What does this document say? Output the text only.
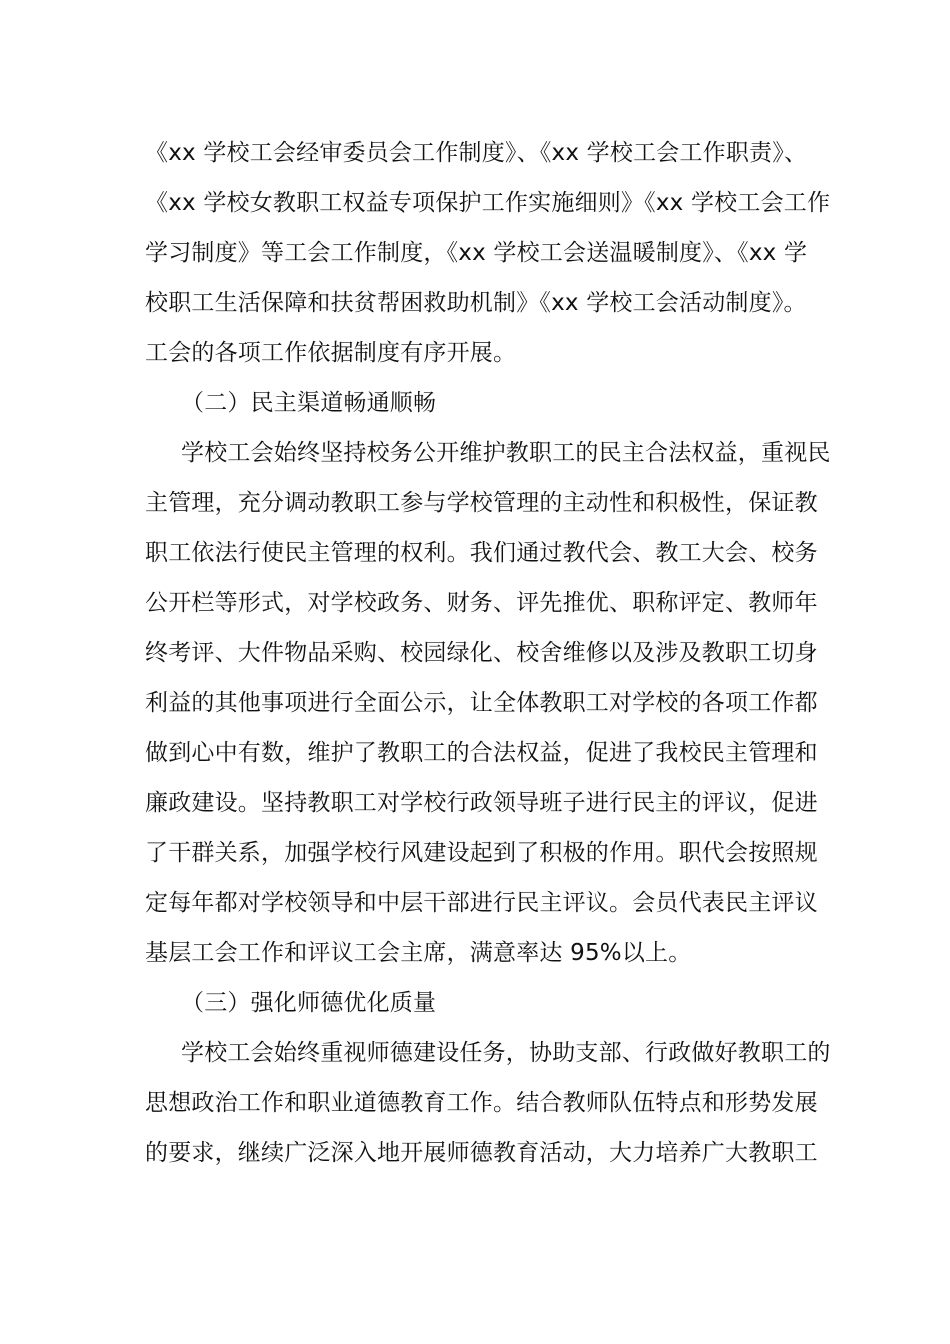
《xx 学校工会经审委员会工作制度》、《xx 学校工会工作职责》、
《xx 学校女教职工权益专项保护工作实施细则》《xx 学校工会工作
学习制度》等工会工作制度，《xx 学校工会送温暖制度》、《xx 学
校职工生活保障和扶贫帮困救助机制》《xx 学校工会活动制度》。
工会的各项工作依据制度有序开展。
（二）民主渠道畅通顺畅
学校工会始终坚持校务公开维护教职工的民主合法权益，重视民
主管理，充分调动教职工参与学校管理的主动性和积极性，保证教
职工依法行使民主管理的权利。我们通过教代会、教工大会、校务
公开栏等形式，对学校政务、财务、评先推优、职称评定、教师年
终考评、大件物品采购、校园绿化、校舍维修以及涉及教职工切身
利益的其他事项进行全面公示，让全体教职工对学校的各项工作都
做到心中有数，维护了教职工的合法权益，促进了我校民主管理和
廉政建设。坚持教职工对学校行政领导班子进行民主的评议，促进
了干群关系，加强学校行风建设起到了积极的作用。职代会按照规
定每年都对学校领导和中层干部进行民主评议。会员代表民主评议
基层工会工作和评议工会主席，满意率达 95%以上。
（三）强化师德优化质量
学校工会始终重视师德建设任务，协助支部、行政做好教职工的
思想政治工作和职业道德教育工作。结合教师队伍特点和形势发展
的要求，继续广泛深入地开展师德教育活动，大力培养广大教职工
